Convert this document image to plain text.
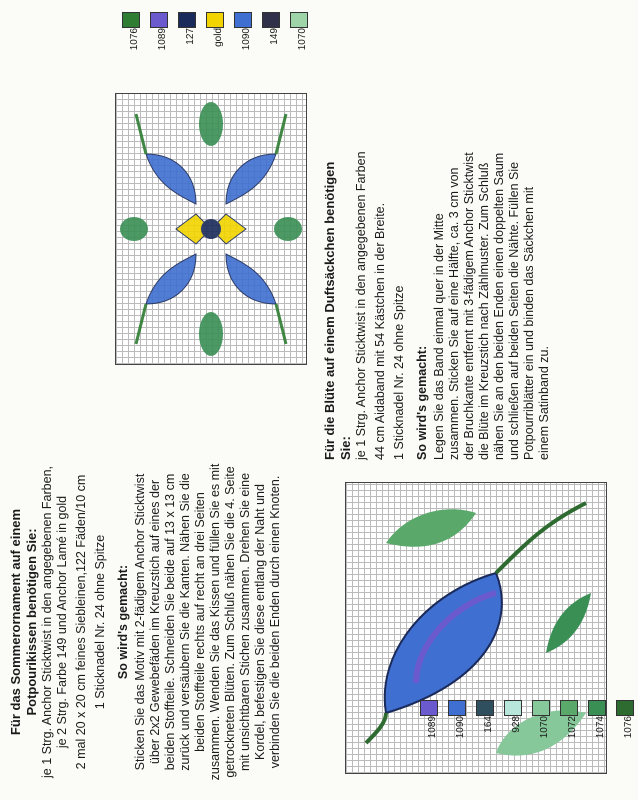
Für das Sommerornament auf einem Potpourikissen benötigen Sie: je 1 Strg. Anchor Sticktwist in den angegebenen Farben, je 2 Strg. Farbe 149 und Anchor Lamé in gold 2 mal 20 x 20 cm feines Siebleinen,122 Fäden/10 cm 1 Sticknadel Nr. 24 ohne Spitze So wird's gemacht: Sticken Sie das Motiv mit 2-fädigem Anchor Sticktwist über 2x2 Gewebefäden im Kreuzstich auf eines der beiden Stoffteile. Schneiden Sie beide auf 13 x 13 cm zurück und versäubern Sie die Kanten. Nähen Sie die beiden Stoffteile rechts auf recht an drei Seiten zusammen. Wenden Sie das Kissen und füllen Sie es mit getrockneten Blüten. Zum Schluß nähen Sie die 4. Seite mit unsichtbaren Stichen zusammen. Drehen Sie eine Kordel, befestigen Sie diese entlang der Naht und verbinden Sie die beiden Enden durch einen Knoten.

Für die Blüte auf einem Duftsäckchen benötigen Sie: je 1 Strg. Anchor Sticktwist in den angegebenen Farben 44 cm Aidaband mit 54 Kästchen in der Breite. 1 Sticknadel Nr. 24 ohne Spitze So wird's gemacht: Legen Sie das Band einmal quer in der Mitte zusammen. Sticken Sie auf eine Hälfte, ca. 3 cm von der Bruchkante entfernt mit 3-fädigem Anchor Sticktwist die Blüte im Kreuzstich nach Zählmuster. Zum Schluß nähen Sie an den beiden Enden einen doppelten Saum und schließen auf beiden Seiten die Nähte. Füllen Sie Potpourriblätter ein und binden das Säckchen mit einem Satinband zu.

1076 1089 127 gold 1090 149 1070
1089 1090 164 928 1070 1072 1074 1076
